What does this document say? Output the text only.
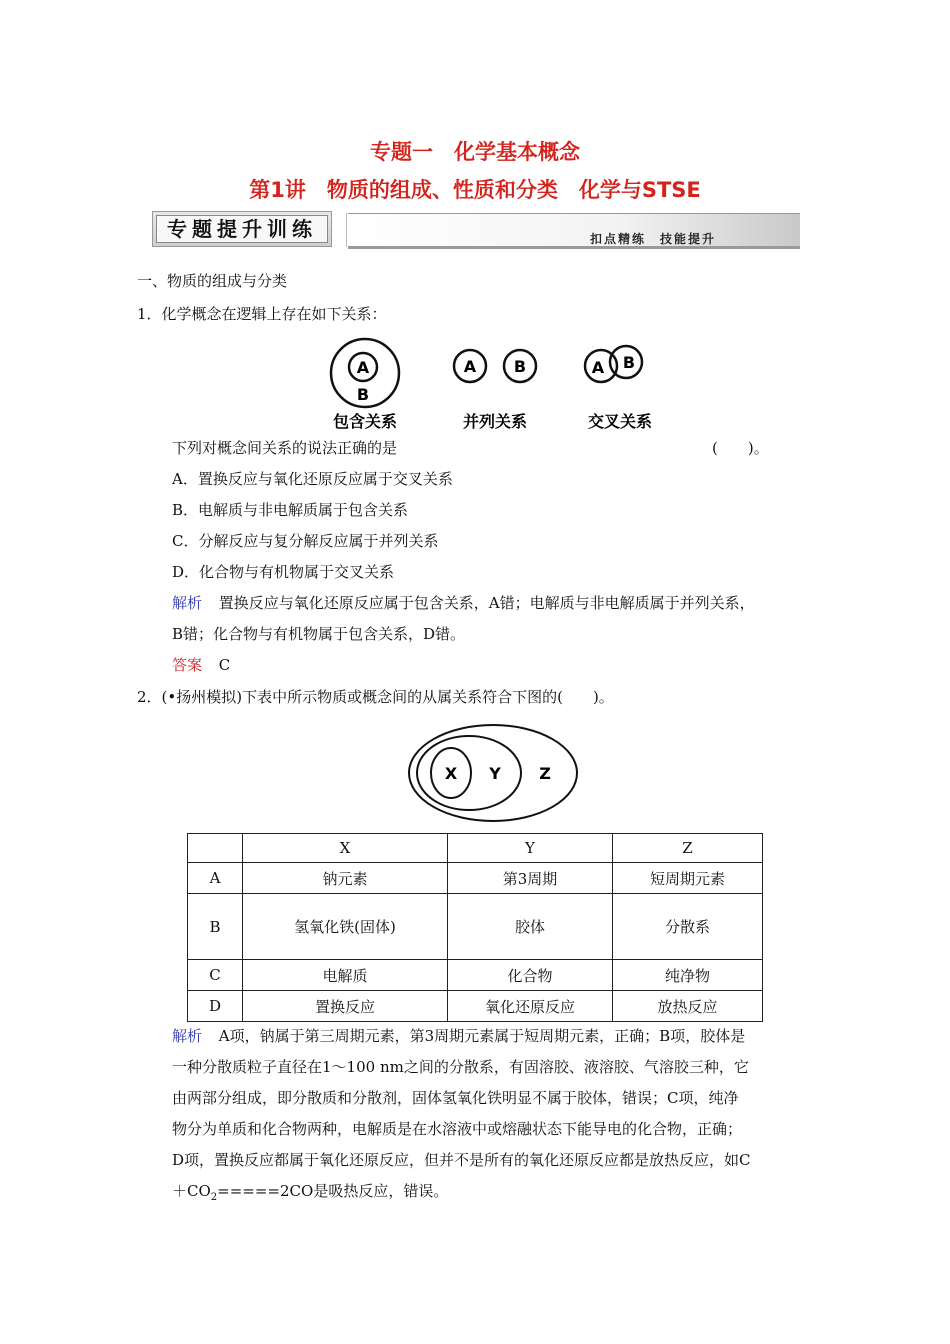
专题一　化学基本概念
第1讲　物质的组成、性质和分类　化学与STSE
专题提升训练	扣点精练　技能提升
一、物质的组成与分类
1．化学概念在逻辑上存在如下关系：
A
B
A B	A B
包含关系	并列关系	交叉关系
下列对概念间关系的说法正确的是	(　　)。
A．置换反应与氧化还原反应属于交叉关系
B．电解质与非电解质属于包含关系
C．分解反应与复分解反应属于并列关系
D．化合物与有机物属于交叉关系
解析 置换反应与氧化还原反应属于包含关系，A错；电解质与非电解质属于并列关系，
B错；化合物与有机物属于包含关系，D错。
答案 C
2．(•扬州模拟)下表中所示物质或概念间的从属关系符合下图的(　　)。
X Y Z
	X	Y	Z
A	钠元素	第3周期	短周期元素
B	氢氧化铁(固体)	胶体	分散系
C	电解质	化合物	纯净物
D	置换反应	氧化还原反应	放热反应
解析 A项，钠属于第三周期元素，第3周期元素属于短周期元素，正确；B项，胶体是
一种分散质粒子直径在1～100 nm之间的分散系，有固溶胶、液溶胶、气溶胶三种，它
由两部分组成，即分散质和分散剂，固体氢氧化铁明显不属于胶体，错误；C项，纯净
物分为单质和化合物两种，电解质是在水溶液中或熔融状态下能导电的化合物，正确；
D项，置换反应都属于氧化还原反应，但并不是所有的氧化还原反应都是放热反应，如C
$+CO_2=====2CO$是吸热反应，错误。
